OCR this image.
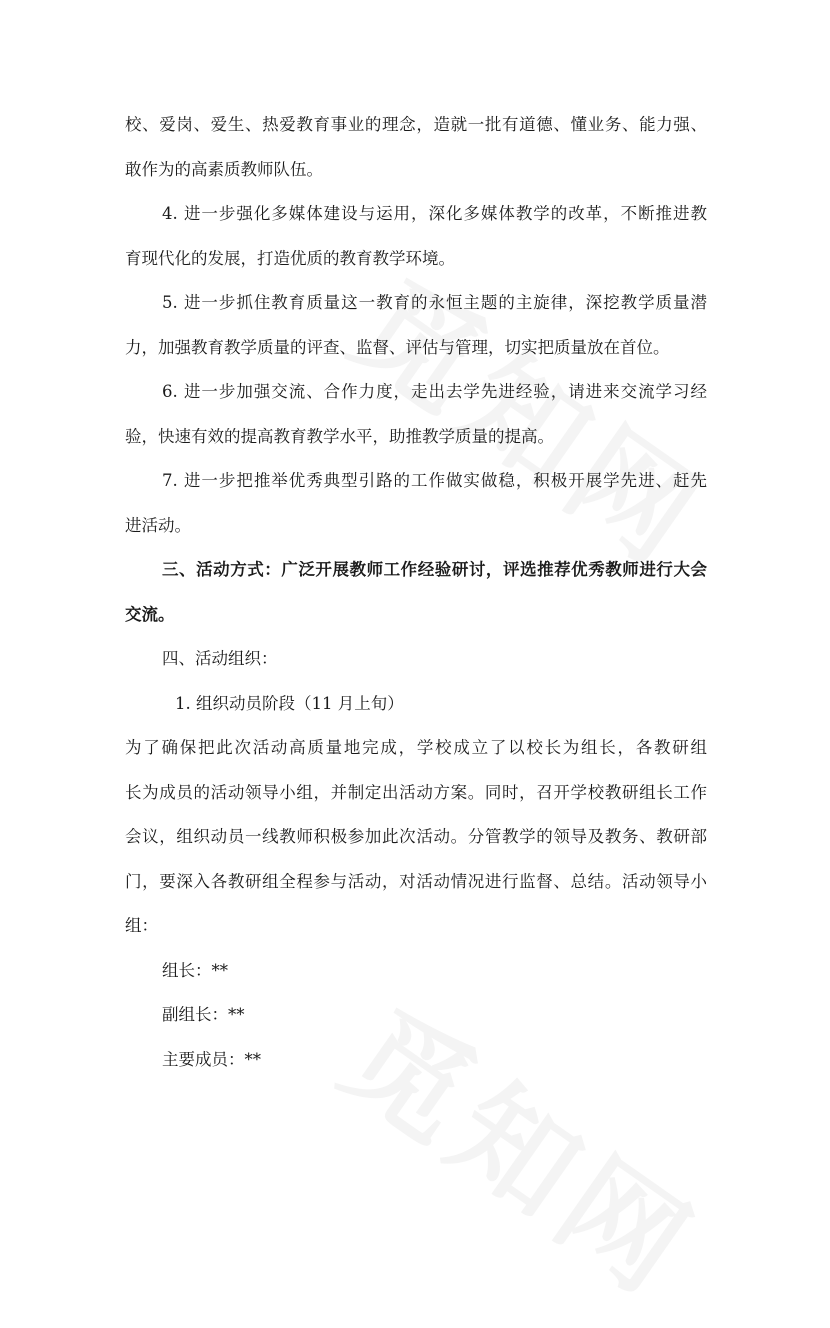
校、爱岗、爱生、热爱教育事业的理念，造就一批有道德、懂业务、能力强、
敢作为的高素质教师队伍。
4. 进一步强化多媒体建设与运用，深化多媒体教学的改革，不断推进教
育现代化的发展，打造优质的教育教学环境。
5. 进一步抓住教育质量这一教育的永恒主题的主旋律，深挖教学质量潜
力，加强教育教学质量的评查、监督、评估与管理，切实把质量放在首位。
6. 进一步加强交流、合作力度，走出去学先进经验，请进来交流学习经
验，快速有效的提高教育教学水平，助推教学质量的提高。
7. 进一步把推举优秀典型引路的工作做实做稳，积极开展学先进、赶先
进活动。
三、活动方式：广泛开展教师工作经验研讨，评选推荐优秀教师进行大会
交流。
四、活动组织：
1. 组织动员阶段（11 月上旬）
为了确保把此次活动高质量地完成，学校成立了以校长为组长，各教研组
长为成员的活动领导小组，并制定出活动方案。同时，召开学校教研组长工作
会议，组织动员一线教师积极参加此次活动。分管教学的领导及教务、教研部
门，要深入各教研组全程参与活动，对活动情况进行监督、总结。活动领导小
组：
组长：**
副组长：**
主要成员：**
